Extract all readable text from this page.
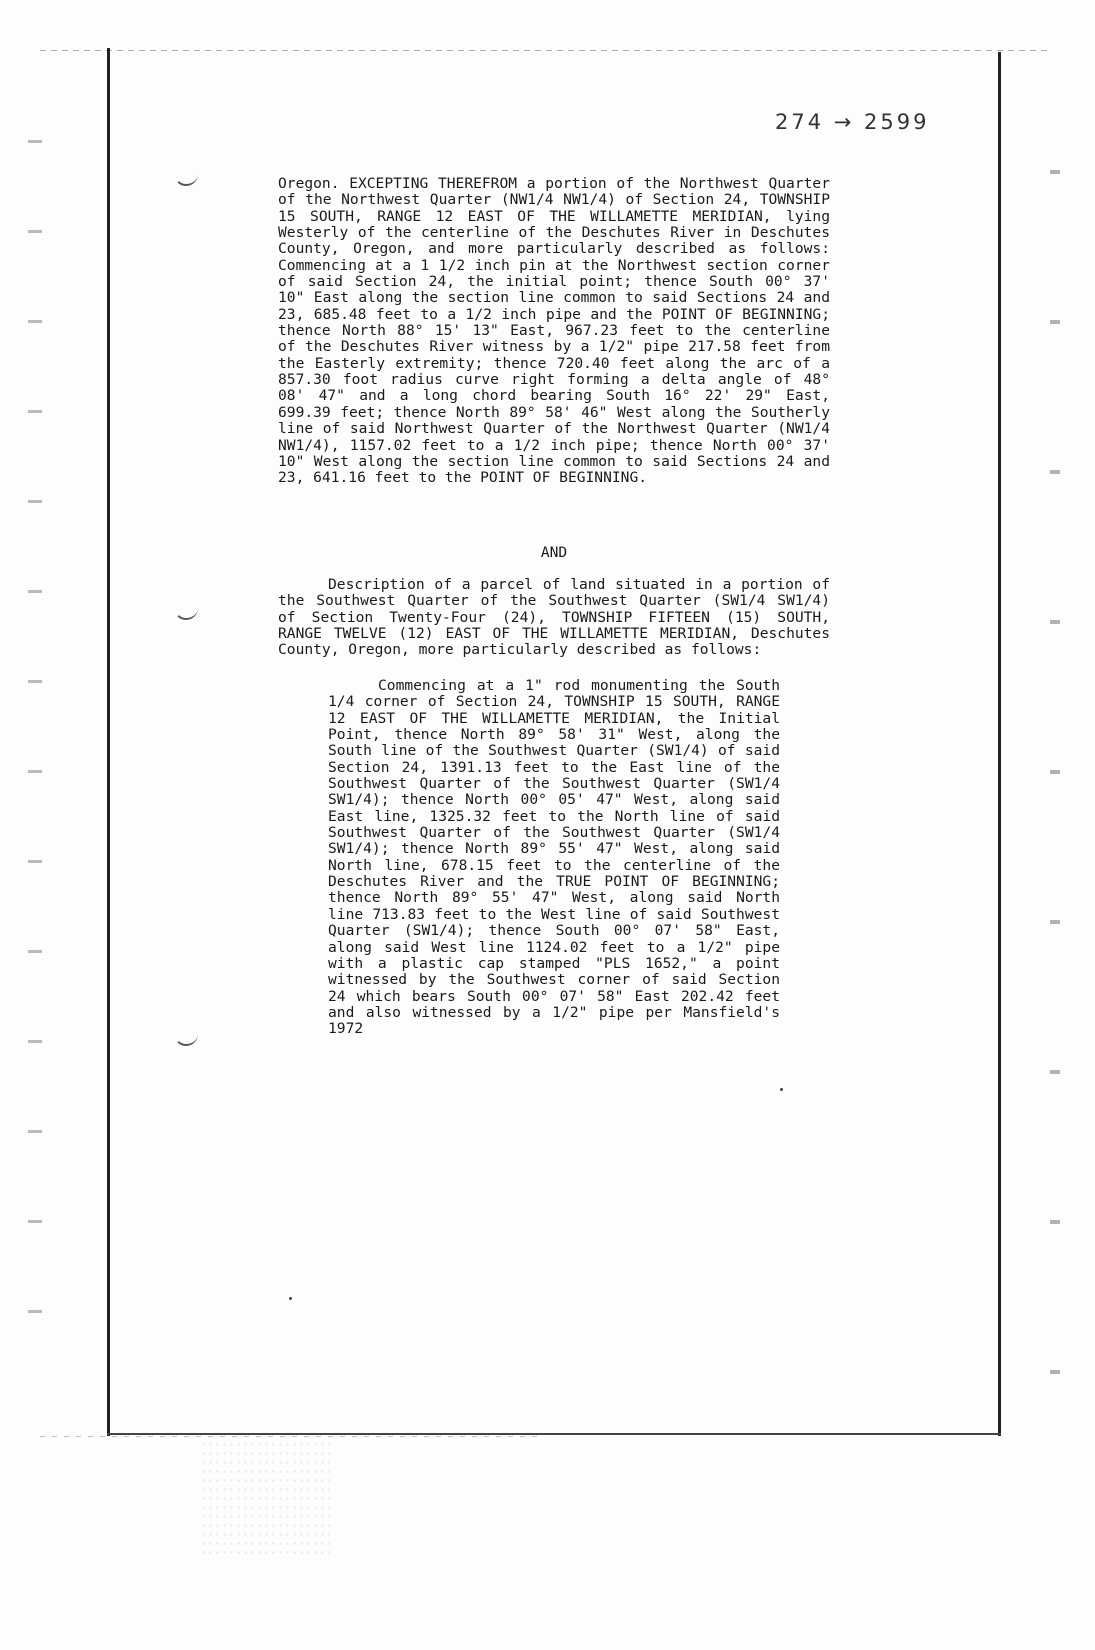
274 → 2599
Oregon. EXCEPTING THEREFROM a portion of the Northwest Quarter of the Northwest Quarter (NW1/4 NW1/4) of Section 24, TOWNSHIP 15 SOUTH, RANGE 12 EAST OF THE WILLAMETTE MERIDIAN, lying Westerly of the centerline of the Deschutes River in Deschutes County, Oregon, and more particularly described as follows: Commencing at a 1 1/2 inch pin at the Northwest section corner of said Section 24, the initial point; thence South 00° 37' 10" East along the section line common to said Sections 24 and 23, 685.48 feet to a 1/2 inch pipe and the POINT OF BEGINNING; thence North 88° 15' 13" East, 967.23 feet to the centerline of the Deschutes River witness by a 1/2" pipe 217.58 feet from the Easterly extremity; thence 720.40 feet along the arc of a 857.30 foot radius curve right forming a delta angle of 48° 08' 47" and a long chord bearing South 16° 22' 29" East, 699.39 feet; thence North 89° 58' 46" West along the Southerly line of said Northwest Quarter of the Northwest Quarter (NW1/4 NW1/4), 1157.02 feet to a 1/2 inch pipe; thence North 00° 37' 10" West along the section line common to said Sections 24 and 23, 641.16 feet to the POINT OF BEGINNING.
AND
Description of a parcel of land situated in a portion of the Southwest Quarter of the Southwest Quarter (SW1/4 SW1/4) of Section Twenty-Four (24), TOWNSHIP FIFTEEN (15) SOUTH, RANGE TWELVE (12) EAST OF THE WILLAMETTE MERIDIAN, Deschutes County, Oregon, more particularly described as follows:
Commencing at a 1" rod monumenting the South 1/4 corner of Section 24, TOWNSHIP 15 SOUTH, RANGE 12 EAST OF THE WILLAMETTE MERIDIAN, the Initial Point, thence North 89° 58' 31" West, along the South line of the Southwest Quarter (SW1/4) of said Section 24, 1391.13 feet to the East line of the Southwest Quarter of the Southwest Quarter (SW1/4 SW1/4); thence North 00° 05' 47" West, along said East line, 1325.32 feet to the North line of said Southwest Quarter of the Southwest Quarter (SW1/4 SW1/4); thence North 89° 55' 47" West, along said North line, 678.15 feet to the centerline of the Deschutes River and the TRUE POINT OF BEGINNING; thence North 89° 55' 47" West, along said North line 713.83 feet to the West line of said Southwest Quarter (SW1/4); thence South 00° 07' 58" East, along said West line 1124.02 feet to a 1/2" pipe with a plastic cap stamped "PLS 1652," a point witnessed by the Southwest corner of said Section 24 which bears South 00° 07' 58" East 202.42 feet and also witnessed by a 1/2" pipe per Mansfield's 1972
